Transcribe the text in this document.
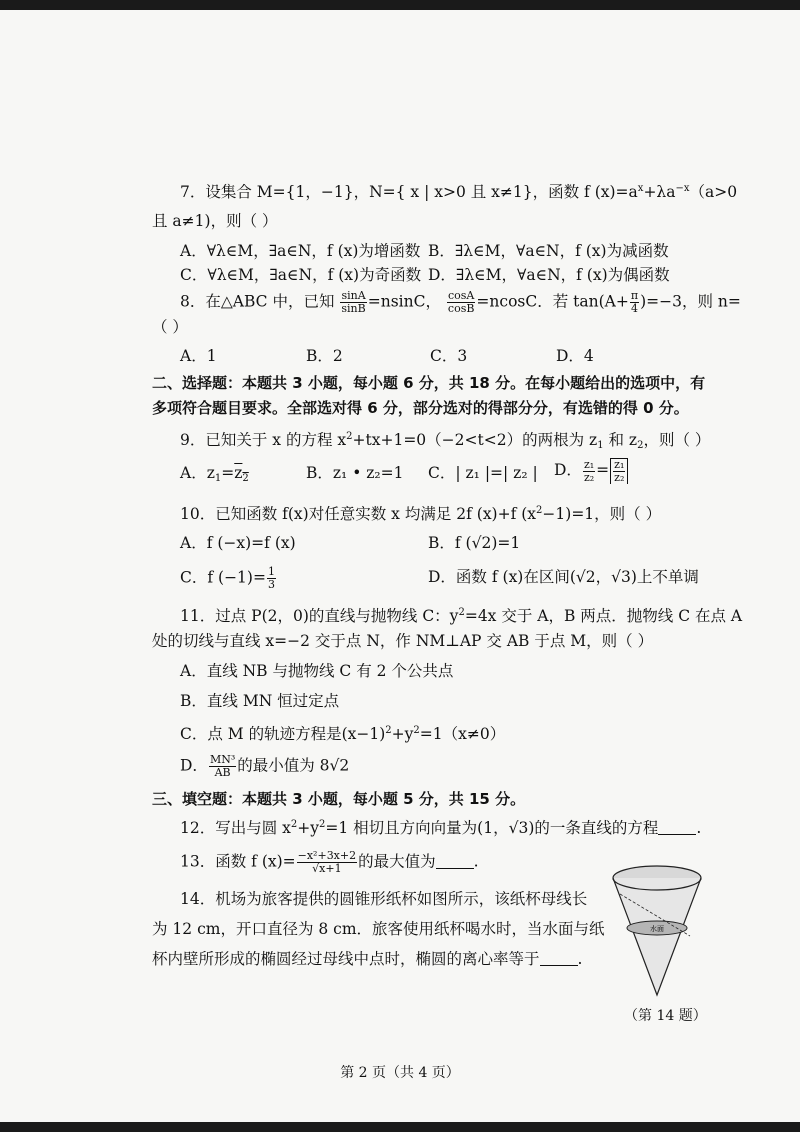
7．设集合 M={1，−1}，N={ x | x>0 且 x≠1}，函数 f $(x)=a^x+\lambda a^{-x}(a>0$
且 a≠1)，则（ ）
A．∀λ∈M，∃a∈N，f (x)为增函数 B．∃λ∈M，∀a∈N，f (x)为减函数
C．∀λ∈M，∃a∈N，f (x)为奇函数 D．∃λ∈M，∀a∈N，f (x)为偶函数
8．在△ABC 中，已知 $\frac{\sin A}{\sin B} =nsinC$， $\frac{\cos A}{\cos B} =ncosC$．若 $\tan(A+ \frac{\pi}{4} )=-3$，则 n=
（ ）
A．1	B．2	C．3	D．4
二、选择题：本题共 3 小题，每小题 6 分，共 18 分。在每小题给出的选项中，有
多项符合题目要求。全部选对得 6 分，部分选对的得部分分，有选错的得 0 分。
9．已知关于 x 的方程 $x^2+tx+1=0(-2<t<2)$的两根为 $z_1$ 和 $z_2$，则（ ）
A．$z_1=\overline{z}_2$	B．z₁ • z₂=1 C．| z₁ |=| z₂ | D． $\frac{\text{z₁}}{\text{z₂}} = \frac{\text{z₁}}{\text{z₂}}$
10．已知函数 f(x)对任意实数 x 均满足 2f (x)+f $(x^2-1)=1$，则（ ）
A．f (−x)=f (x)	B．f (√2)=1
C．f $(-1)= \frac{1}{3}$	D．函数 f (x)在区间(√2，√3)上不单调
11．过点 P(2，0)的直线与抛物线 C：$y^2=4x$ 交于 A，B 两点．抛物线 C 在点 A
处的切线与直线 x=−2 交于点 N，作 NM⊥AP 交 AB 于点 M，则（ ）
A．直线 NB 与抛物线 C 有 2 个公共点
B．直线 MN 恒过定点
C．点 M 的轨迹方程是$(x-1)^2+y^2=1(x\ne 0)$
D． $\frac{\text{MN³}}{AB}$ 的最小值为 8√2
三、填空题：本题共 3 小题，每小题 5 分，共 15 分。
12．写出与圆 $x^2+y^2=1$ 相切且方向向量为(1，√3)的一条直线的方程 .
13．函数 f $(x)= \frac{\text{−x²+3x+2}}{√x+1}$ 的最大值为 .
14．机场为旅客提供的圆锥形纸杯如图所示，该纸杯母线长
为 12 cm，开口直径为 8 cm．旅客使用纸杯喝水时，当水面与纸
杯内壁所形成的椭圆经过母线中点时，椭圆的离心率等于 .
水面
（第 14 题）
第 2 页（共 4 页）
